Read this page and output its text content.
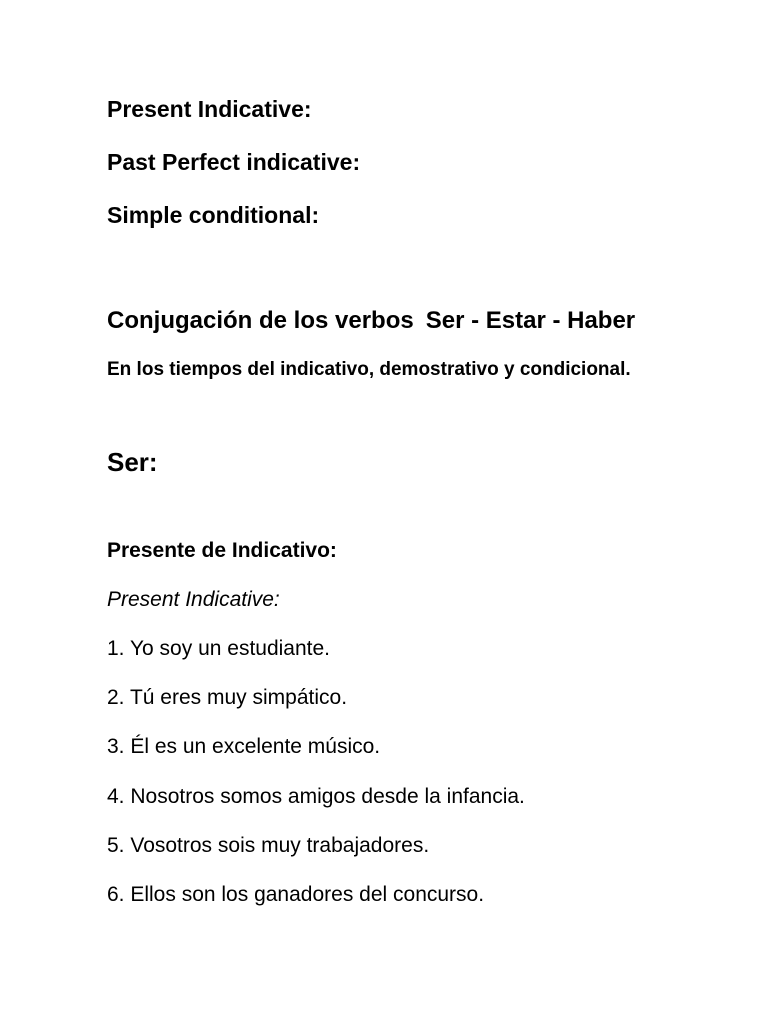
Present Indicative:
Past Perfect indicative:
Simple conditional:
Conjugación de los verbos Ser - Estar - Haber
En los tiempos del indicativo, demostrativo y condicional.
Ser:
Presente de Indicativo:
Present Indicative:
1. Yo soy un estudiante.
2. Tú eres muy simpático.
3. Él es un excelente músico.
4. Nosotros somos amigos desde la infancia.
5. Vosotros sois muy trabajadores.
6. Ellos son los ganadores del concurso.
